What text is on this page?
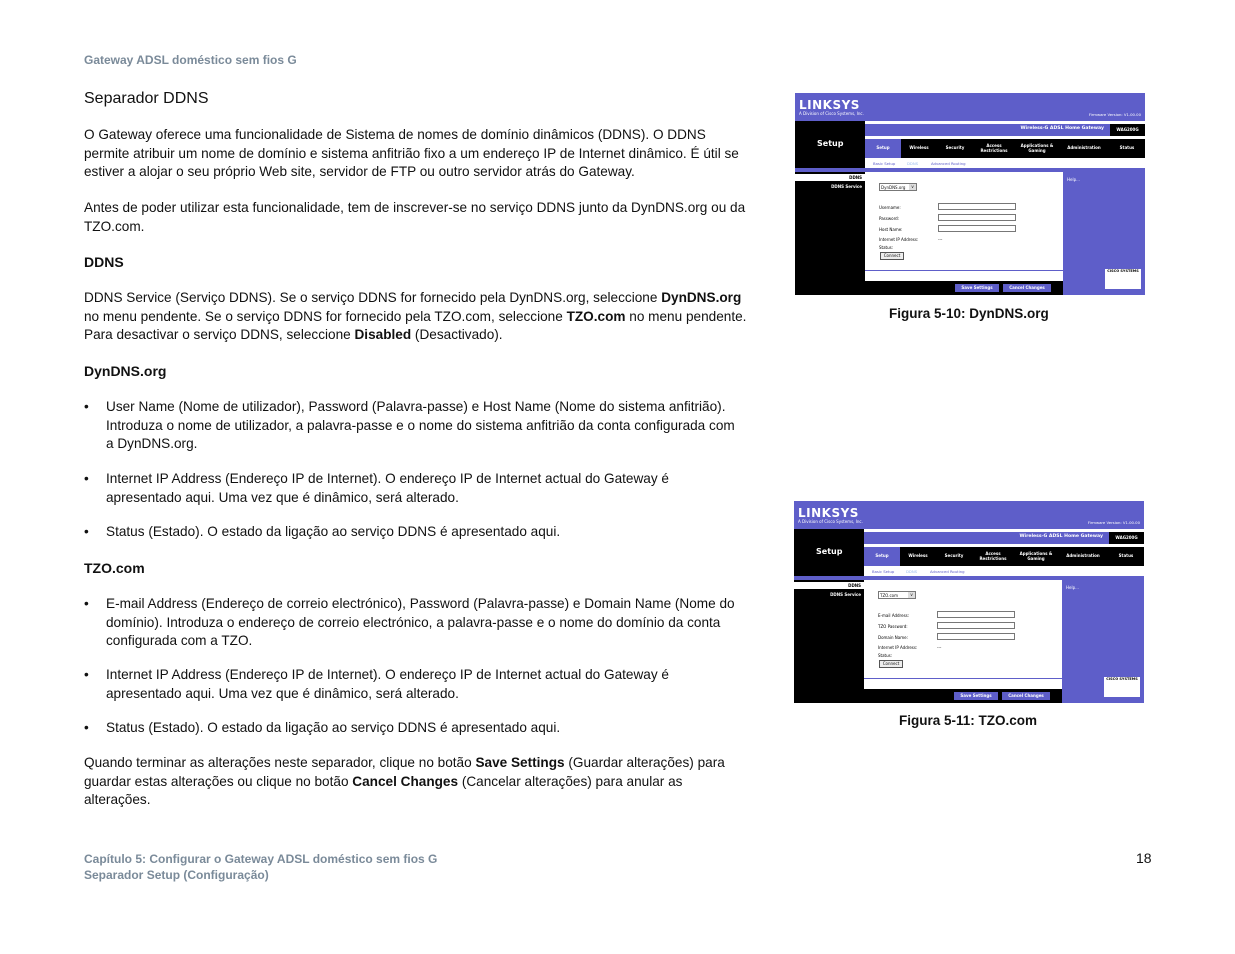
Gateway ADSL doméstico sem fios G
Separador DDNS
O Gateway oferece uma funcionalidade de Sistema de nomes de domínio dinâmicos (DDNS). O DDNS permite atribuir um nome de domínio e sistema anfitrião fixo a um endereço IP de Internet dinâmico. É útil se estiver a alojar o seu próprio Web site, servidor de FTP ou outro servidor atrás do Gateway.
Antes de poder utilizar esta funcionalidade, tem de inscrever-se no serviço DDNS junto da DynDNS.org ou da TZO.com.
DDNS
DDNS Service (Serviço DDNS). Se o serviço DDNS for fornecido pela DynDNS.org, seleccione DynDNS.org no menu pendente. Se o serviço DDNS for fornecido pela TZO.com, seleccione TZO.com no menu pendente. Para desactivar o serviço DDNS, seleccione Disabled (Desactivado).
DynDNS.org
• User Name (Nome de utilizador), Password (Palavra-passe) e Host Name (Nome do sistema anfitrião). Introduza o nome de utilizador, a palavra-passe e o nome do sistema anfitrião da conta configurada com a DynDNS.org.
• Internet IP Address (Endereço IP de Internet). O endereço IP de Internet actual do Gateway é apresentado aqui. Uma vez que é dinâmico, será alterado.
• Status (Estado). O estado da ligação ao serviço DDNS é apresentado aqui.
TZO.com
• E-mail Address (Endereço de correio electrónico), Password (Palavra-passe) e Domain Name (Nome do domínio). Introduza o endereço de correio electrónico, a palavra-passe e o nome do domínio da conta configurada com a TZO.
• Internet IP Address (Endereço IP de Internet). O endereço IP de Internet actual do Gateway é apresentado aqui. Uma vez que é dinâmico, será alterado.
• Status (Estado). O estado da ligação ao serviço DDNS é apresentado aqui.
Quando terminar as alterações neste separador, clique no botão Save Settings (Guardar alterações) para guardar estas alterações ou clique no botão Cancel Changes (Cancelar alterações) para anular as alterações.
Capítulo 5: Configurar o Gateway ADSL doméstico sem fios G
Separador Setup (Configuração)
18
LINKSYS
A Division of Cisco Systems, Inc.	Firmware Version: V1.00.00
Setup
Wireless-G ADSL Home Gateway	WAG200G
Setup	Wireless	Security	Access Restrictions
Applications & Gaming	Administration	Status
Basic Setup	DDNS	Advanced Routing
DDNS
DDNS Service	DynDNS.org v
Username:
Password:
Host Name:
Internet IP Address:	---
Status:
Connect
Help...
CISCO SYSTEMS
Save Settings	Cancel Changes
Figura 5-10: DynDNS.org
LINKSYS
A Division of Cisco Systems, Inc.	Firmware Version: V1.00.00
Setup
Wireless-G ADSL Home Gateway	WAG200G
Setup	Wireless	Security	Access Restrictions
Applications & Gaming	Administration	Status
Basic Setup	DDNS	Advanced Routing
DDNS
DDNS Service	TZO.com v
E-mail Address:
TZO Password:
Domain Name:
Internet IP Address:	---
Status:
Connect
Help...
CISCO SYSTEMS
Save Settings	Cancel Changes
Figura 5-11: TZO.com
